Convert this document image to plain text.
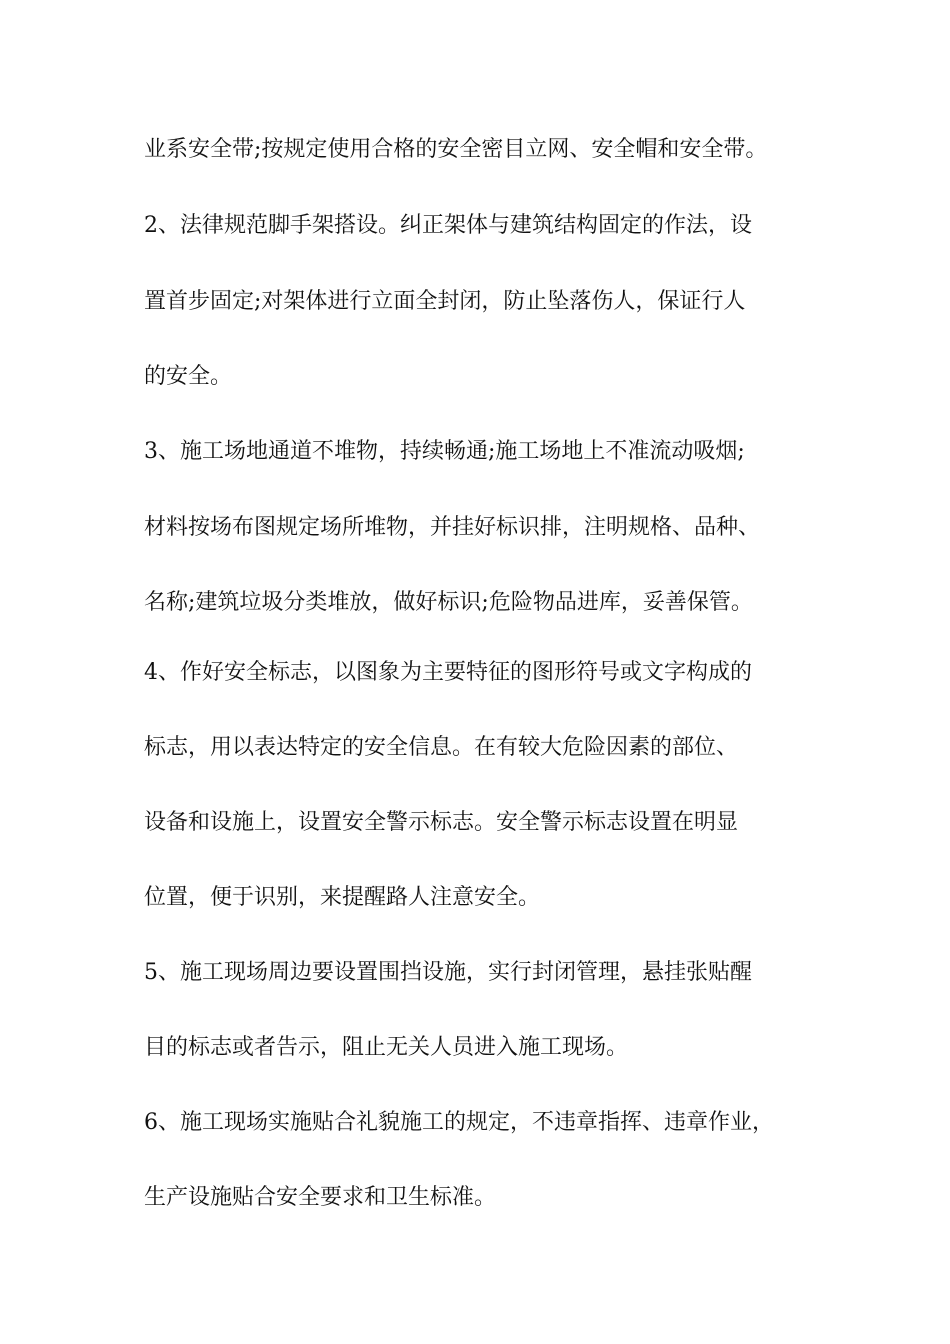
业系安全带;按规定使用合格的安全密目立网、安全帽和安全带。
2、法律规范脚手架搭设。纠正架体与建筑结构固定的作法，设
置首步固定;对架体进行立面全封闭，防止坠落伤人，保证行人
的安全。
3、施工场地通道不堆物，持续畅通;施工场地上不准流动吸烟;
材料按场布图规定场所堆物，并挂好标识排，注明规格、品种、
名称;建筑垃圾分类堆放，做好标识;危险物品进库，妥善保管。
4、作好安全标志，以图象为主要特征的图形符号或文字构成的
标志，用以表达特定的安全信息。在有较大危险因素的部位、
设备和设施上，设置安全警示标志。安全警示标志设置在明显
位置，便于识别，来提醒路人注意安全。
5、施工现场周边要设置围挡设施，实行封闭管理，悬挂张贴醒
目的标志或者告示，阻止无关人员进入施工现场。
6、施工现场实施贴合礼貌施工的规定，不违章指挥、违章作业，
生产设施贴合安全要求和卫生标准。
